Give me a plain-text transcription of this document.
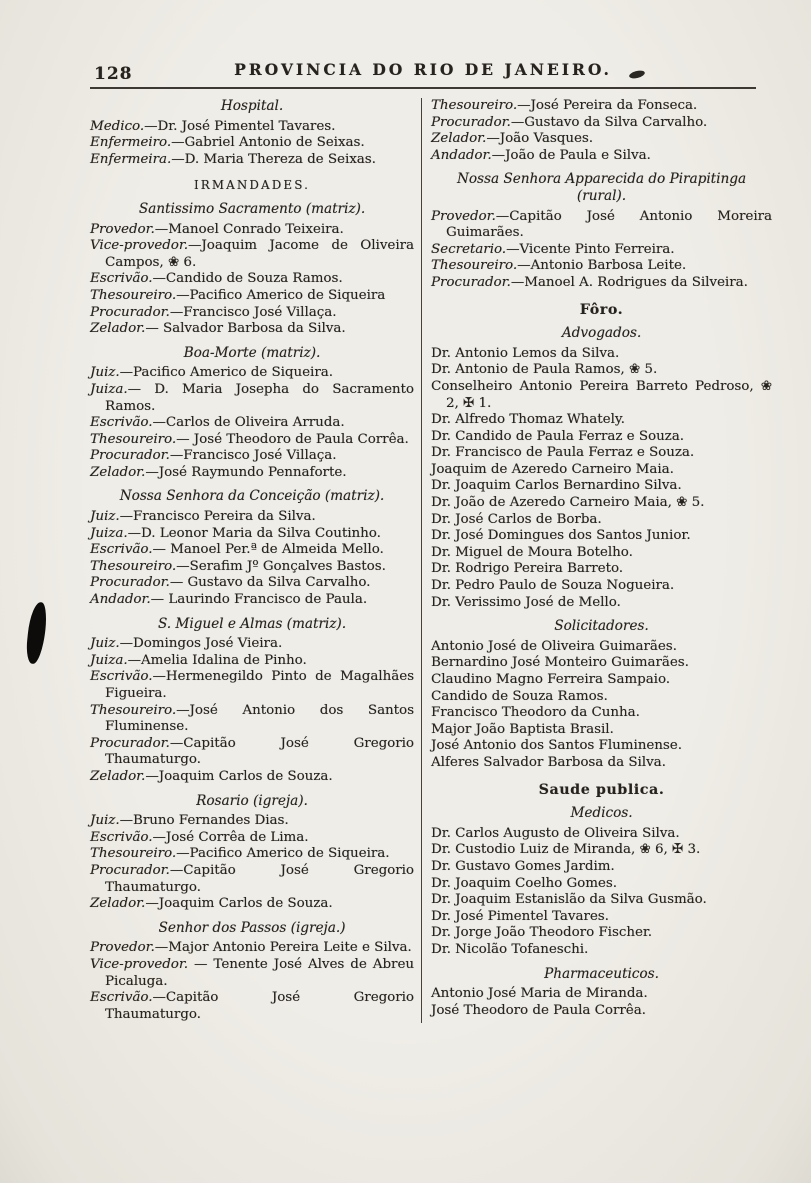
128	PROVINCIA DO RIO DE JANEIRO.
Hospital.
Medico.—Dr. José Pimentel Tavares.
Enfermeiro.—Gabriel Antonio de Seixas.
Enfermeira.—D. Maria Thereza de Seixas.
IRMANDADES.
Santissimo Sacramento (matriz).
Provedor.—Manoel Conrado Teixeira.
Vice-provedor.—Joaquim Jacome de Oliveira Campos, ❀ 6.
Escrivão.—Candido de Souza Ramos.
Thesoureiro.—Pacifico Americo de Siqueira
Procurador.—Francisco José Villaça.
Zelador.— Salvador Barbosa da Silva.
Boa-Morte (matriz).
Juiz.—Pacifico Americo de Siqueira.
Juiza.— D. Maria Josepha do Sacramento Ramos.
Escrivão.—Carlos de Oliveira Arruda.
Thesoureiro.— José Theodoro de Paula Corrêa.
Procurador.—Francisco José Villaça.
Zelador.—José Raymundo Pennaforte.
Nossa Senhora da Conceição (matriz).
Juiz.—Francisco Pereira da Silva.
Juiza.—D. Leonor Maria da Silva Coutinho.
Escrivão.— Manoel Per.ª de Almeida Mello.
Thesoureiro.—Serafim Jº Gonçalves Bastos.
Procurador.— Gustavo da Silva Carvalho.
Andador.— Laurindo Francisco de Paula.
S. Miguel e Almas (matriz).
Juiz.—Domingos José Vieira.
Juiza.—Amelia Idalina de Pinho.
Escrivão.—Hermenegildo Pinto de Magalhães Figueira.
Thesoureiro.—José Antonio dos Santos Fluminense.
Procurador.—Capitão José Gregorio Thaumaturgo.
Zelador.—Joaquim Carlos de Souza.
Rosario (igreja).
Juiz.—Bruno Fernandes Dias.
Escrivão.—José Corrêa de Lima.
Thesoureiro.—Pacifico Americo de Siqueira.
Procurador.—Capitão José Gregorio Thaumaturgo.
Zelador.—Joaquim Carlos de Souza.
Senhor dos Passos (igreja.)
Provedor.—Major Antonio Pereira Leite e Silva.
Vice-provedor. — Tenente José Alves de Abreu Picaluga.
Escrivão.—Capitão José Gregorio Thaumaturgo.
Thesoureiro.—José Pereira da Fonseca.
Procurador.—Gustavo da Silva Carvalho.
Zelador.—João Vasques.
Andador.—João de Paula e Silva.
Nossa Senhora Apparecida do Pirapitinga (rural).
Provedor.—Capitão José Antonio Moreira Guimarães.
Secretario.—Vicente Pinto Ferreira.
Thesoureiro.—Antonio Barbosa Leite.
Procurador.—Manoel A. Rodrigues da Silveira.
Fôro.
Advogados.
Dr. Antonio Lemos da Silva.
Dr. Antonio de Paula Ramos, ❀ 5.
Conselheiro Antonio Pereira Barreto Pedroso, ❀ 2, ✠ 1.
Dr. Alfredo Thomaz Whately.
Dr. Candido de Paula Ferraz e Souza.
Dr. Francisco de Paula Ferraz e Souza.
Joaquim de Azeredo Carneiro Maia.
Dr. Joaquim Carlos Bernardino Silva.
Dr. João de Azeredo Carneiro Maia, ❀ 5.
Dr. José Carlos de Borba.
Dr. José Domingues dos Santos Junior.
Dr. Miguel de Moura Botelho.
Dr. Rodrigo Pereira Barreto.
Dr. Pedro Paulo de Souza Nogueira.
Dr. Verissimo José de Mello.
Solicitadores.
Antonio José de Oliveira Guimarães.
Bernardino José Monteiro Guimarães.
Claudino Magno Ferreira Sampaio.
Candido de Souza Ramos.
Francisco Theodoro da Cunha.
Major João Baptista Brasil.
José Antonio dos Santos Fluminense.
Alferes Salvador Barbosa da Silva.
Saude publica.
Medicos.
Dr. Carlos Augusto de Oliveira Silva.
Dr. Custodio Luiz de Miranda, ❀ 6, ✠ 3.
Dr. Gustavo Gomes Jardim.
Dr. Joaquim Coelho Gomes.
Dr. Joaquim Estanislão da Silva Gusmão.
Dr. José Pimentel Tavares.
Dr. Jorge João Theodoro Fischer.
Dr. Nicolão Tofaneschi.
Pharmaceuticos.
Antonio José Maria de Miranda.
José Theodoro de Paula Corrêa.
